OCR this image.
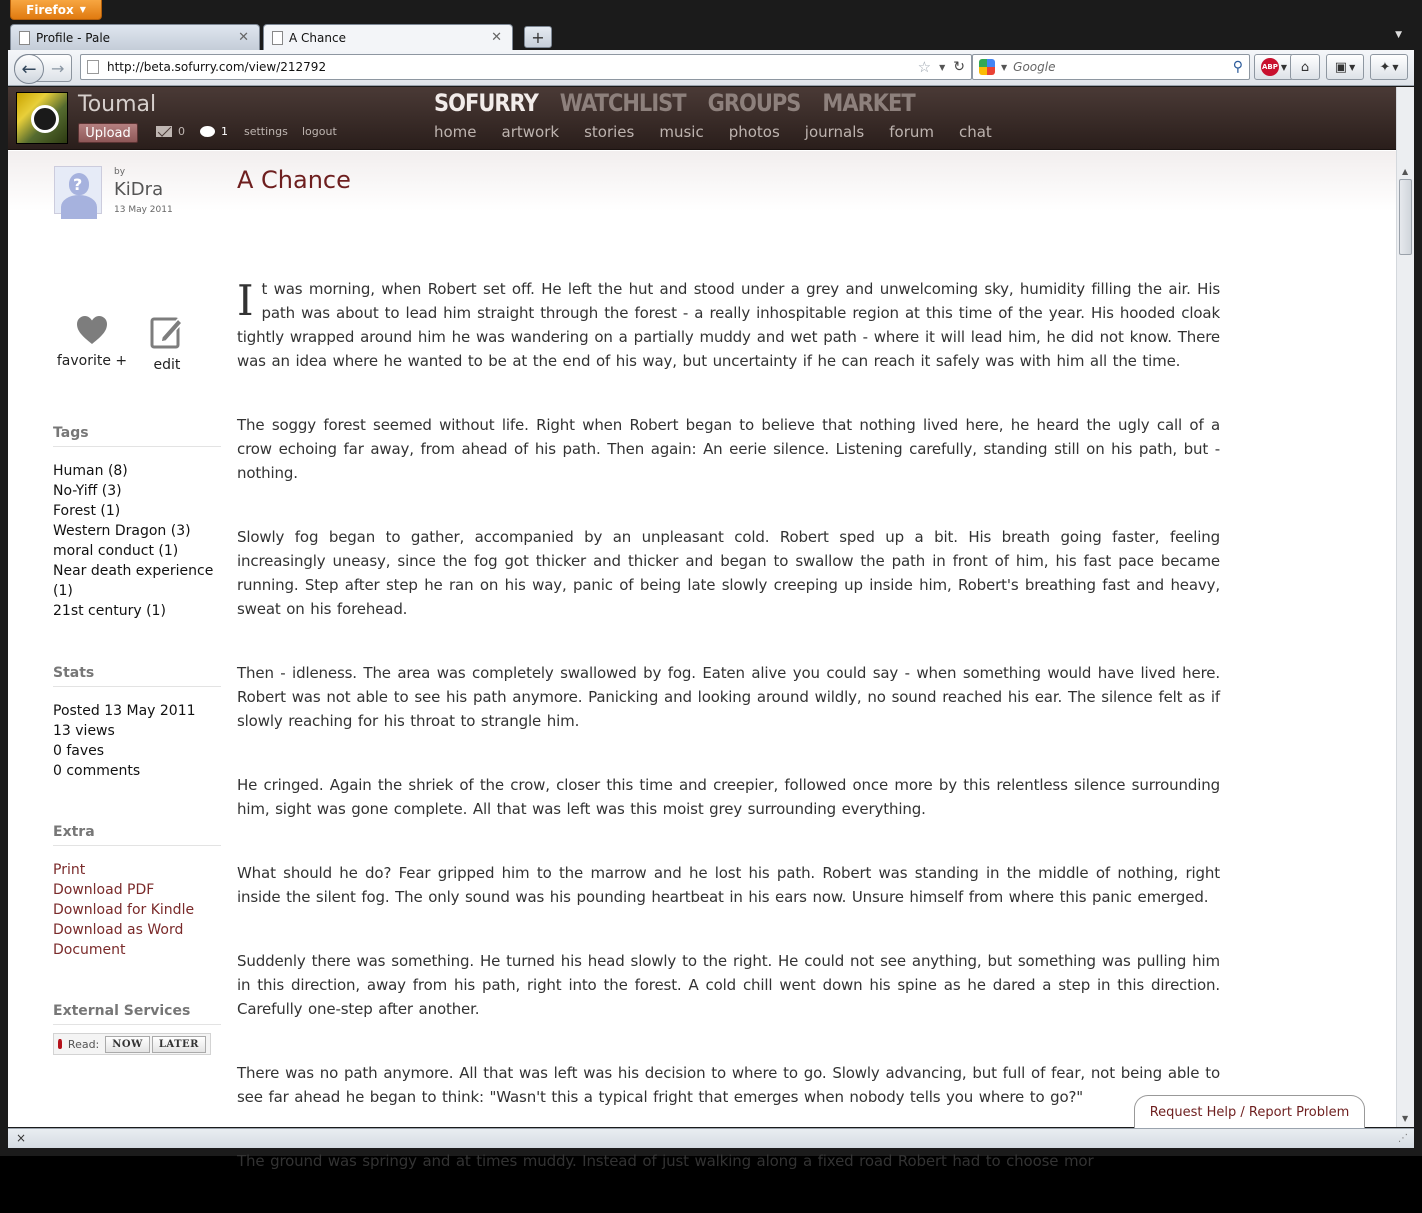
Firefox ▼
Profile - Pale	✕	A Chance	✕	+	▼
← →	http://beta.sofurry.com/view/212792	☆ ▼ ↻	▼ Google	⚲	ABP ▼ ⌂ ▣ ▼ ✦ ▼
Toumal
Upload	0	1 settings logout
SOFURRY WATCHLIST GROUPS MARKET
home artwork stories music photos journals forum chat
?
by
KiDra
13 May 2011
favorite +	edit
Tags
Human (8)
No-Yiff (3)
Forest (1)
Western Dragon (3)
moral conduct (1)
Near death experience (1)
21st century (1)
Stats
Posted 13 May 2011
13 views
0 faves
0 comments
Extra
Print
Download PDF
Download for Kindle
Download as Word Document
External Services
Read:	NOW	LATER
A Chance

It was morning, when Robert set off. He left the hut and stood under a grey and unwelcoming sky, humidity filling the air. His path was about to lead him straight through the forest - a really inhospitable region at this time of the year. His hooded cloak tightly wrapped around him he was wandering on a partially muddy and wet path - where it will lead him, he did not know. There was an idea where he wanted to be at the end of his way, but uncertainty if he can reach it safely was with him all the time.

The soggy forest seemed without life. Right when Robert began to believe that nothing lived here, he heard the ugly call of a crow echoing far away, from ahead of his path. Then again: An eerie silence. Listening carefully, standing still on his path, but - nothing.

Slowly fog began to gather, accompanied by an unpleasant cold. Robert sped up a bit. His breath going faster, feeling increasingly uneasy, since the fog got thicker and thicker and began to swallow the path in front of him, his fast pace became running. Step after step he ran on his way, panic of being late slowly creeping up inside him, Robert's breathing fast and heavy, sweat on his forehead.

Then - idleness. The area was completely swallowed by fog. Eaten alive you could say - when something would have lived here. Robert was not able to see his path anymore. Panicking and looking around wildly, no sound reached his ear. The silence felt as if slowly reaching for his throat to strangle him.

He cringed. Again the shriek of the crow, closer this time and creepier, followed once more by this relentless silence surrounding him, sight was gone complete. All that was left was this moist grey surrounding everything.

What should he do? Fear gripped him to the marrow and he lost his path. Robert was standing in the middle of nothing, right inside the silent fog. The only sound was his pounding heartbeat in his ears now. Unsure himself from where this panic emerged.

Suddenly there was something. He turned his head slowly to the right. He could not see anything, but something was pulling him in this direction, away from his path, right into the forest. A cold chill went down his spine as he dared a step in this direction. Carefully one-step after another.

There was no path anymore. All that was left was his decision to where to go. Slowly advancing, but full of fear, not being able to see far ahead he began to think: "Wasn't this a typical fright that emerges when nobody tells you where to go?"

The ground was springy and at times muddy. Instead of just walking along a fixed road Robert had to choose mor

Request Help / Report Problem
▲
▼
×	⋰
